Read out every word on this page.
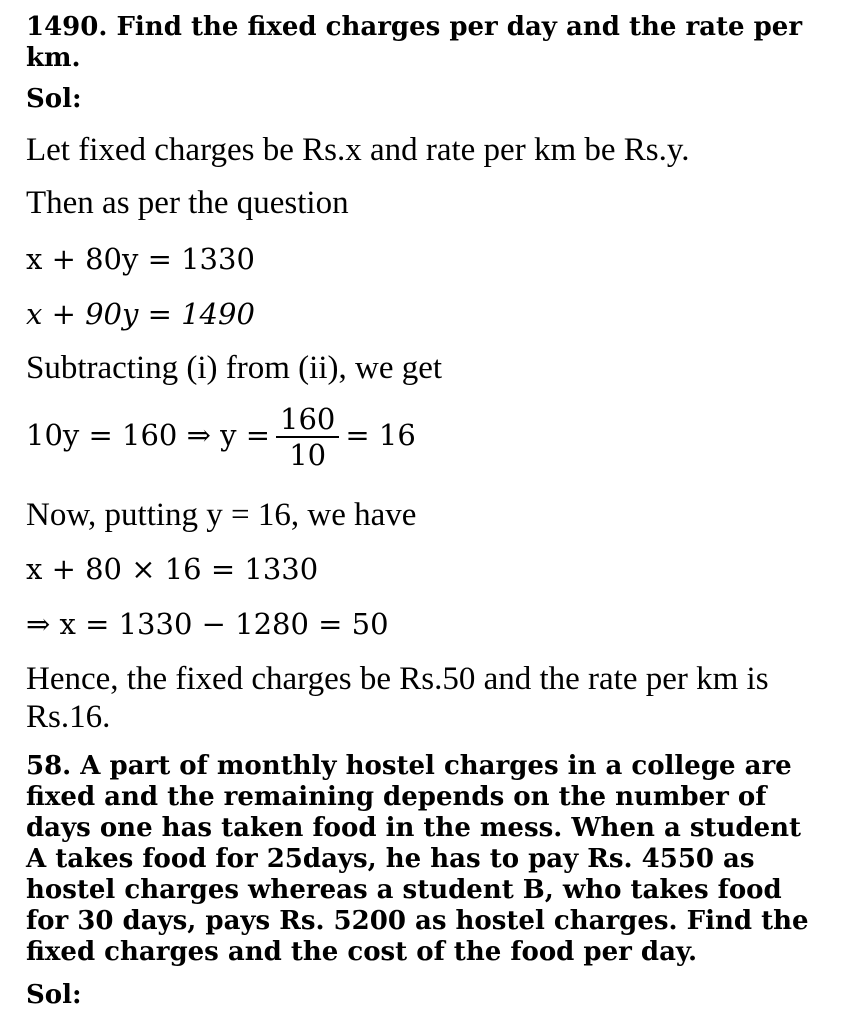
1490. Find the fixed charges per day and the rate per km.
Sol:
Let fixed charges be Rs.x and rate per km be Rs.y.
Then as per the question
x + 80y = 1330
x + 90y = 1490
Subtracting (i) from (ii), we get
10y = 160 ⇒ $y = \frac{160}{10} = 16$
Now, putting y = 16, we have
x + 80 × 16 = 1330
⇒ x = 1330 − 1280 = 50
Hence, the fixed charges be Rs.50 and the rate per km is Rs.16.
58. A part of monthly hostel charges in a college are fixed and the remaining depends on the number of days one has taken food in the mess. When a student A takes food for 25days, he has to pay Rs. 4550 as hostel charges whereas a student B, who takes food for 30 days, pays Rs. 5200 as hostel charges. Find the fixed charges and the cost of the food per day.
Sol:
